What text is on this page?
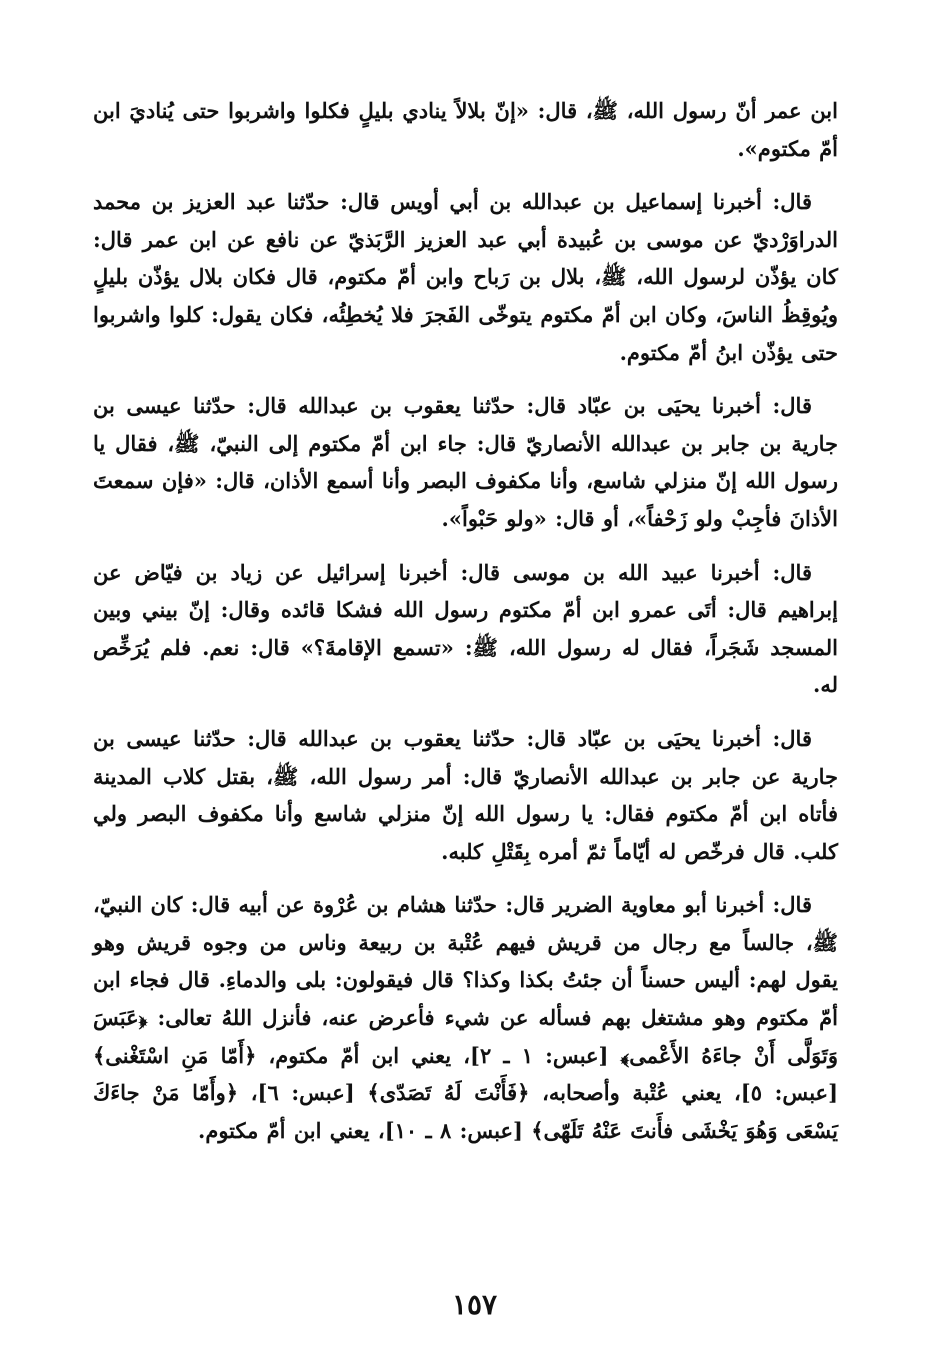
ابن عمر أنّ رسول الله، ﷺ، قال: «إنّ بلالاً ينادي بليلٍ فكلوا واشربوا حتى يُناديَ ابن أمّ مكتوم».

قال: أخبرنا إسماعيل بن عبدالله بن أبي أويس قال: حدّثنا عبد العزيز بن محمد الدراوَرْديّ عن موسى بن عُبيدة أبي عبد العزيز الرَّبَذيّ عن نافع عن ابن عمر قال: كان يؤذّن لرسول الله، ﷺ، بلال بن رَباح وابن أمّ مكتوم، قال فكان بلال يؤذّن بليلٍ ويُوقِظُ الناسَ، وكان ابن أمّ مكتوم يتوخّى الفَجرَ فلا يُخطِئُه، فكان يقول: كلوا واشربوا حتى يؤذّن ابنُ أمّ مكتوم.

قال: أخبرنا يحيَى بن عبّاد قال: حدّثنا يعقوب بن عبدالله قال: حدّثنا عيسى بن جارية بن جابر بن عبدالله الأنصاريّ قال: جاء ابن أمّ مكتوم إلى النبيّ، ﷺ، فقال يا رسول الله إنّ منزلي شاسع، وأنا مكفوف البصر وأنا أسمع الأذان، قال: «فإن سمعتَ الأذانَ فأجِبْ ولو زَحْفاً»، أو قال: «ولو حَبْواً».

قال: أخبرنا عبيد الله بن موسى قال: أخبرنا إسرائيل عن زياد بن فيّاض عن إبراهيم قال: أتَى عمرو ابن أمّ مكتوم رسول الله فشكا قائده وقال: إنّ بيني وبين المسجد شَجَراً، فقال له رسول الله، ﷺ: «تسمع الإقامةَ؟» قال: نعم. فلم يُرَخِّص له.

قال: أخبرنا يحيَى بن عبّاد قال: حدّثنا يعقوب بن عبدالله قال: حدّثنا عيسى بن جارية عن جابر بن عبدالله الأنصاريّ قال: أمر رسول الله، ﷺ، بقتل كلاب المدينة فأتاه ابن أمّ مكتوم فقال: يا رسول الله إنّ منزلي شاسع وأنا مكفوف البصر ولي كلب. قال فرخّص له أيّاماً ثمّ أمره بِقَتْلِ كلبه.

قال: أخبرنا أبو معاوية الضرير قال: حدّثنا هشام بن عُرْوة عن أبيه قال: كان النبيّ، ﷺ، جالساً مع رجال من قريش فيهم عُتْبة بن ربيعة وناس من وجوه قريش وهو يقول لهم: أليس حسناً أن جئتُ بكذا وكذا؟ قال فيقولون: بلى والدماءِ. قال فجاء ابن أمّ مكتوم وهو مشتغل بهم فسأله عن شيء فأعرض عنه، فأنزل اللهُ تعالى: ﴿عَبَسَ وَتَوَلَّى أَنْ جاءَهُ الأَعْمى﴾ [عبس: ١ ـ ٢]، يعني ابن أمّ مكتوم، ﴿أَمّا مَنِ اسْتَغْنى﴾ [عبس: ٥]، يعني عُتْبة وأصحابه، ﴿فَأَنْتَ لَهُ تَصَدّى﴾ [عبس: ٦]، ﴿وأَمّا مَنْ جاءَكَ يَسْعَى وَهُوَ يَخْشَى فأَنتَ عَنْهُ تَلَهّى﴾ [عبس: ٨ ـ ١٠]، يعني ابن أمّ مكتوم.

١٥٧
